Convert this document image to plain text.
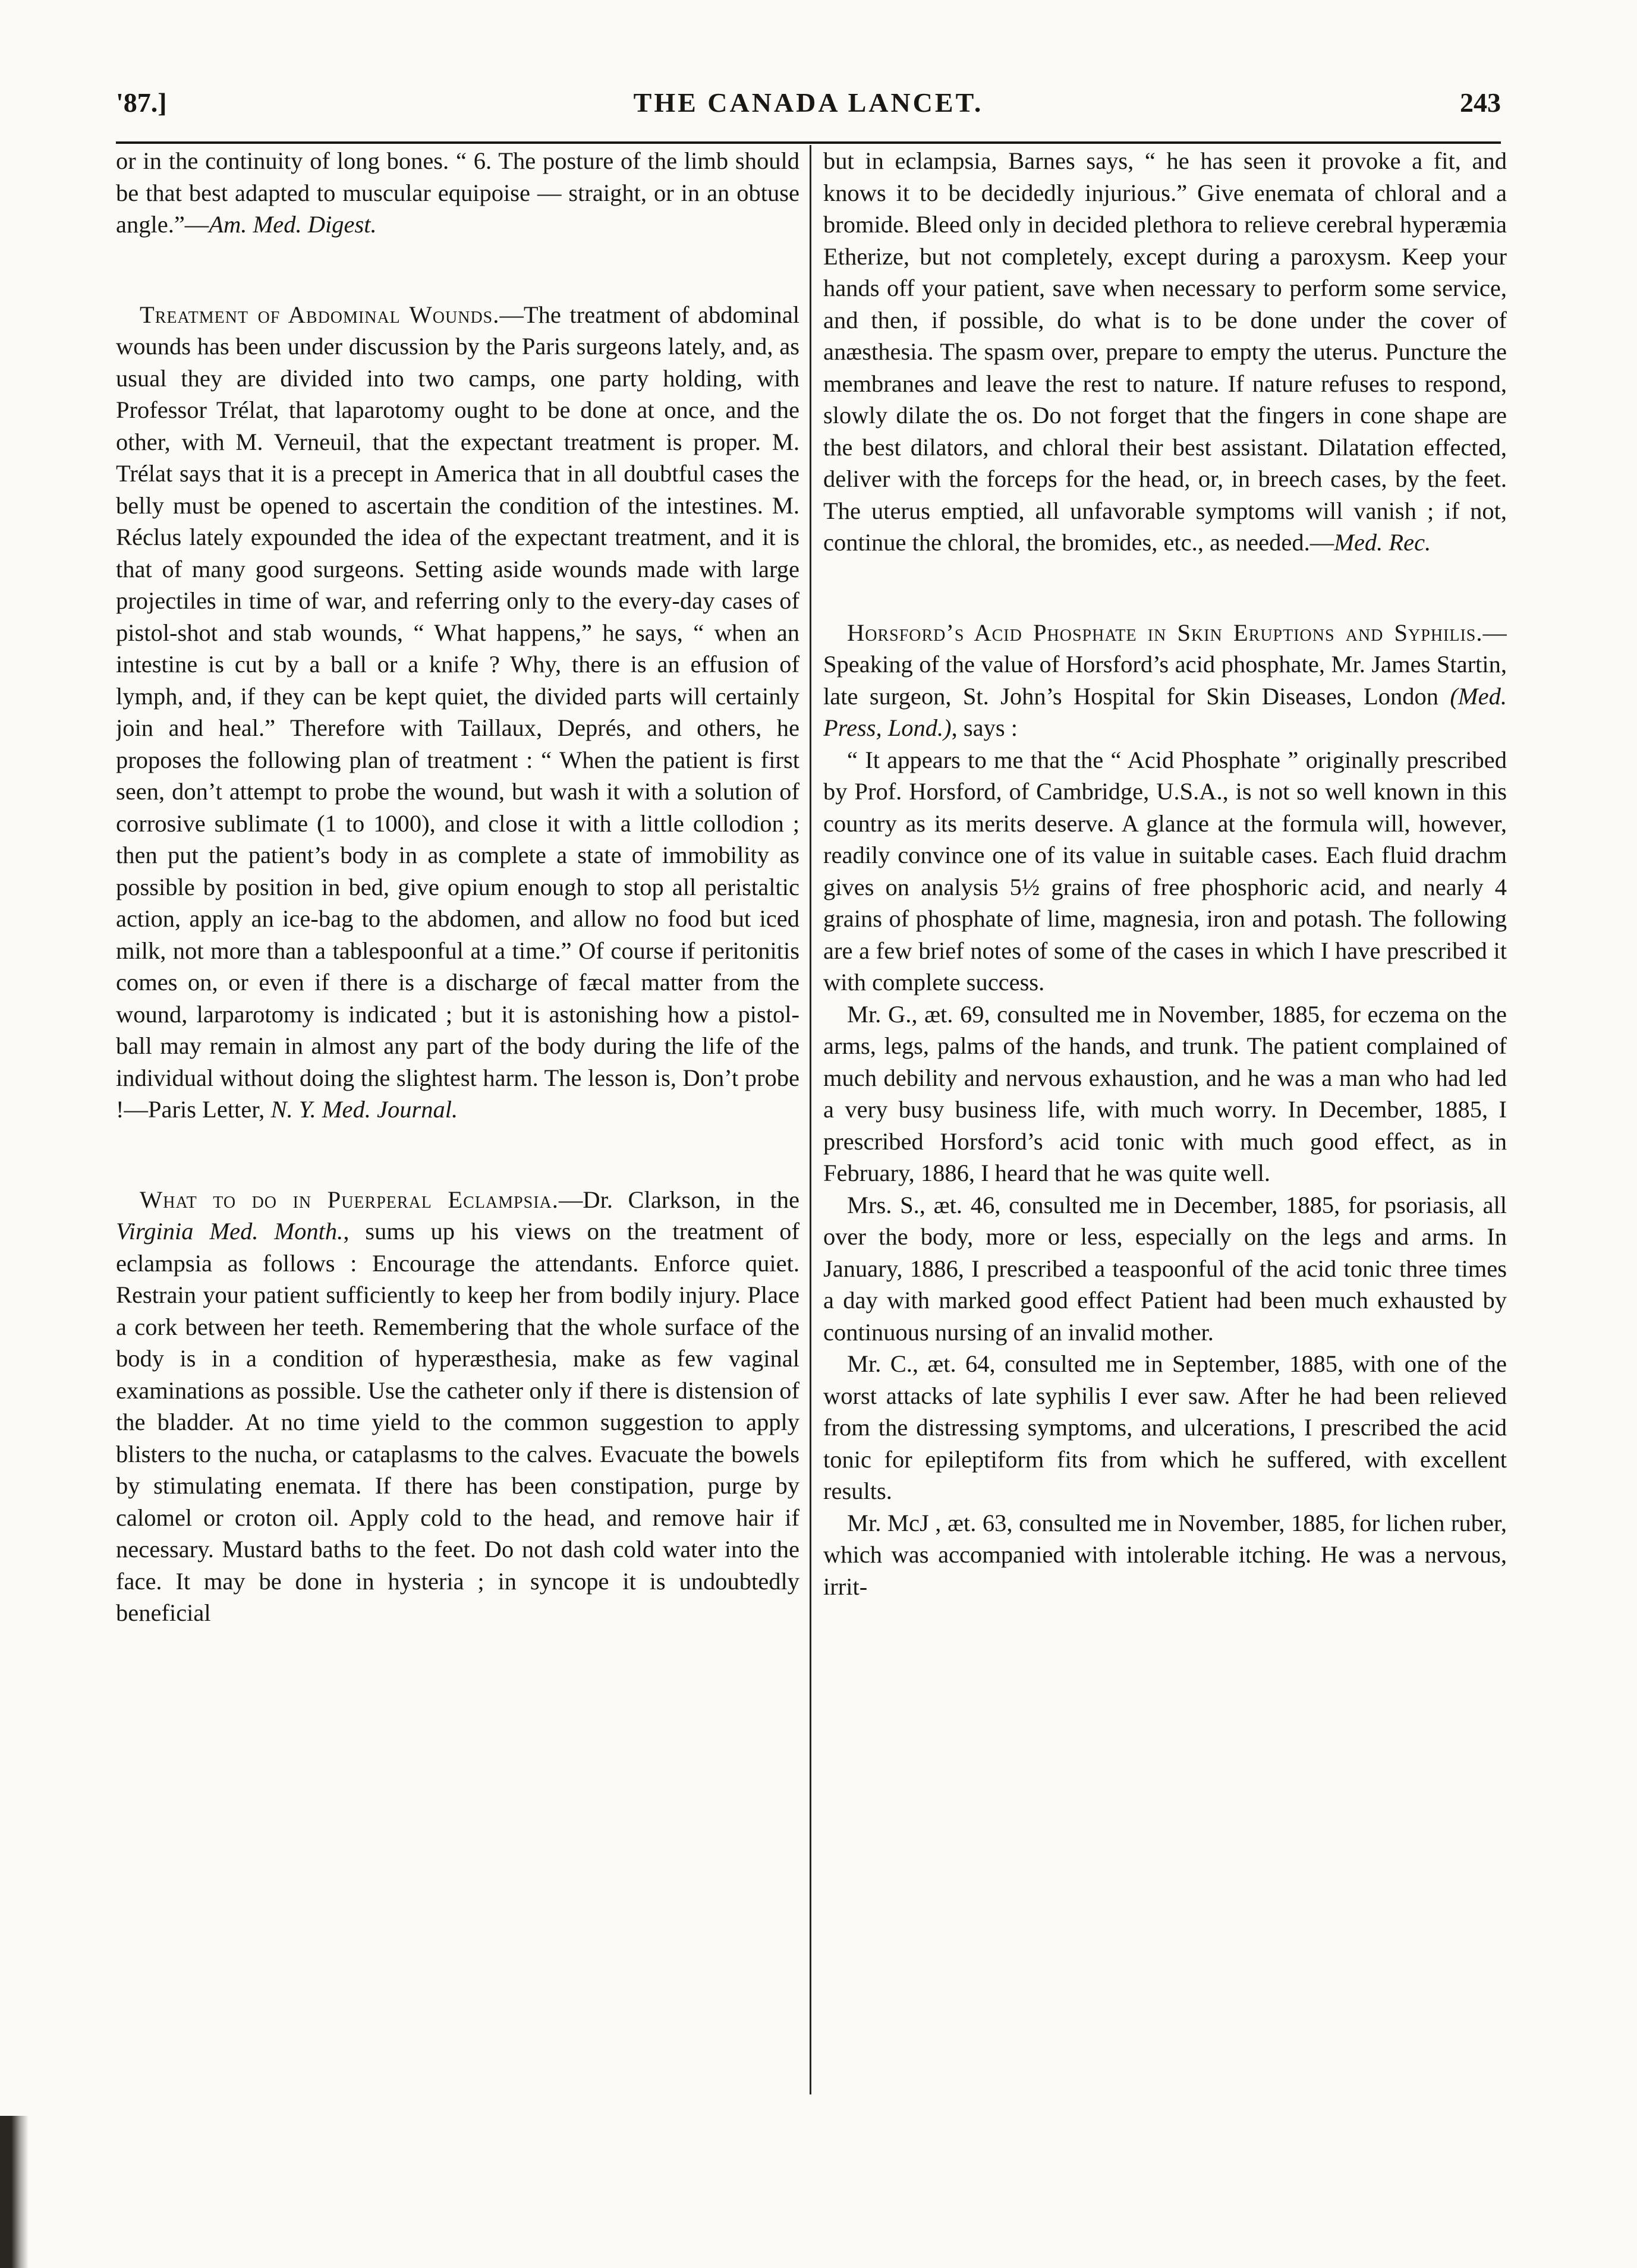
'87.]	THE CANADA LANCET.	243

or in the continuity of long bones. “ 6. The posture of the limb should be that best adapted to muscular equipoise — straight, or in an obtuse angle.”—Am. Med. Digest.

Treatment of Abdominal Wounds.—The treatment of abdominal wounds has been under discussion by the Paris surgeons lately, and, as usual they are divided into two camps, one party holding, with Professor Trélat, that laparotomy ought to be done at once, and the other, with M. Verneuil, that the expectant treatment is proper. M. Trélat says that it is a precept in America that in all doubtful cases the belly must be opened to ascertain the condition of the intestines. M. Réclus lately expounded the idea of the expectant treatment, and it is that of many good surgeons. Setting aside wounds made with large projectiles in time of war, and referring only to the every-day cases of pistol-shot and stab wounds, “ What happens,” he says, “ when an intestine is cut by a ball or a knife ? Why, there is an effusion of lymph, and, if they can be kept quiet, the divided parts will certainly join and heal.” Therefore with Taillaux, Deprés, and others, he proposes the following plan of treatment : “ When the patient is first seen, don’t attempt to probe the wound, but wash it with a solution of corrosive sublimate (1 to 1000), and close it with a little collodion ; then put the patient’s body in as complete a state of immobility as possible by position in bed, give opium enough to stop all peristaltic action, apply an ice-bag to the abdomen, and allow no food but iced milk, not more than a tablespoonful at a time.” Of course if peritonitis comes on, or even if there is a discharge of fæcal matter from the wound, larparotomy is indicated ; but it is astonishing how a pistol-ball may remain in almost any part of the body during the life of the individual without doing the slightest harm. The lesson is, Don’t probe !—Paris Letter, N. Y. Med. Journal.

What to do in Puerperal Eclampsia.—Dr. Clarkson, in the Virginia Med. Month., sums up his views on the treatment of eclampsia as follows : Encourage the attendants. Enforce quiet. Restrain your patient sufficiently to keep her from bodily injury. Place a cork between her teeth. Remembering that the whole surface of the body is in a condition of hyperæsthesia, make as few vaginal examinations as possible. Use the catheter only if there is distension of the bladder. At no time yield to the common suggestion to apply blisters to the nucha, or cataplasms to the calves. Evacuate the bowels by stimulating enemata. If there has been constipation, purge by calomel or croton oil. Apply cold to the head, and remove hair if necessary. Mustard baths to the feet. Do not dash cold water into the face. It may be done in hysteria ; in syncope it is undoubtedly beneficial

but in eclampsia, Barnes says, “ he has seen it provoke a fit, and knows it to be decidedly injurious.” Give enemata of chloral and a bromide. Bleed only in decided plethora to relieve cerebral hyperæmia Etherize, but not completely, except during a paroxysm. Keep your hands off your patient, save when necessary to perform some service, and then, if possible, do what is to be done under the cover of anæsthesia. The spasm over, prepare to empty the uterus. Puncture the membranes and leave the rest to nature. If nature refuses to respond, slowly dilate the os. Do not forget that the fingers in cone shape are the best dilators, and chloral their best assistant. Dilatation effected, deliver with the forceps for the head, or, in breech cases, by the feet. The uterus emptied, all unfavorable symptoms will vanish ; if not, continue the chloral, the bromides, etc., as needed.—Med. Rec.

Horsford’s Acid Phosphate in Skin Eruptions and Syphilis.—Speaking of the value of Horsford’s acid phosphate, Mr. James Startin, late surgeon, St. John’s Hospital for Skin Diseases, London (Med. Press, Lond.), says :

“ It appears to me that the “ Acid Phosphate ” originally prescribed by Prof. Horsford, of Cambridge, U.S.A., is not so well known in this country as its merits deserve. A glance at the formula will, however, readily convince one of its value in suitable cases. Each fluid drachm gives on analysis 5½ grains of free phosphoric acid, and nearly 4 grains of phosphate of lime, magnesia, iron and potash. The following are a few brief notes of some of the cases in which I have prescribed it with complete success.

Mr. G., æt. 69, consulted me in November, 1885, for eczema on the arms, legs, palms of the hands, and trunk. The patient complained of much debility and nervous exhaustion, and he was a man who had led a very busy business life, with much worry. In December, 1885, I prescribed Horsford’s acid tonic with much good effect, as in February, 1886, I heard that he was quite well.

Mrs. S., æt. 46, consulted me in December, 1885, for psoriasis, all over the body, more or less, especially on the legs and arms. In January, 1886, I prescribed a teaspoonful of the acid tonic three times a day with marked good effect Patient had been much exhausted by continuous nursing of an invalid mother.

Mr. C., æt. 64, consulted me in September, 1885, with one of the worst attacks of late syphilis I ever saw. After he had been relieved from the distressing symptoms, and ulcerations, I prescribed the acid tonic for epileptiform fits from which he suffered, with excellent results.

Mr. McJ , æt. 63, consulted me in November, 1885, for lichen ruber, which was accompanied with intolerable itching. He was a nervous, irrit-
